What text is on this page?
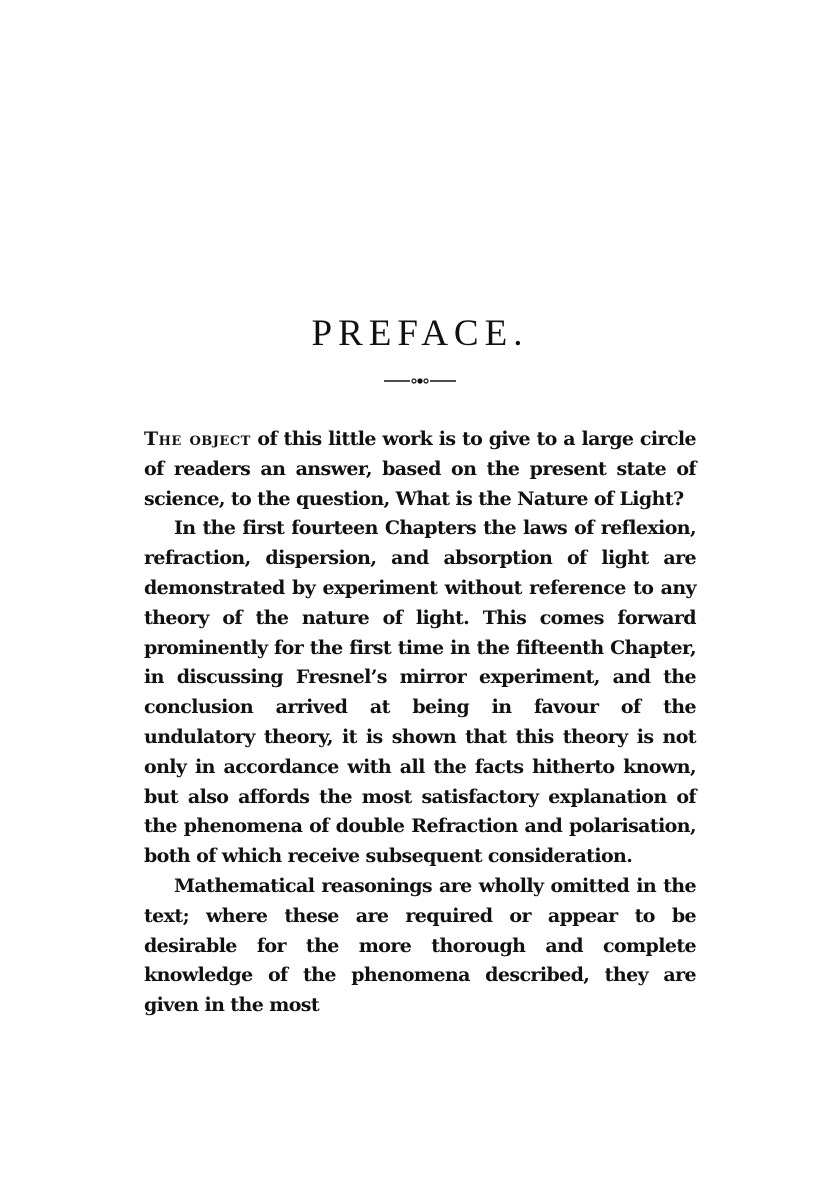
PREFACE.

The object of this little work is to give to a large circle of readers an answer, based on the present state of science, to the question, What is the Nature of Light?

In the first fourteen Chapters the laws of reflexion, refraction, dispersion, and absorption of light are demonstrated by experiment without reference to any theory of the nature of light. This comes forward prominently for the first time in the fifteenth Chapter, in discussing Fresnel’s mirror experiment, and the conclusion arrived at being in favour of the undulatory theory, it is shown that this theory is not only in accordance with all the facts hitherto known, but also affords the most satisfactory explanation of the phenomena of double Refraction and polarisation, both of which receive subsequent consideration.

Mathematical reasonings are wholly omitted in the text; where these are required or appear to be desirable for the more thorough and complete knowledge of the phenomena described, they are given in the most
